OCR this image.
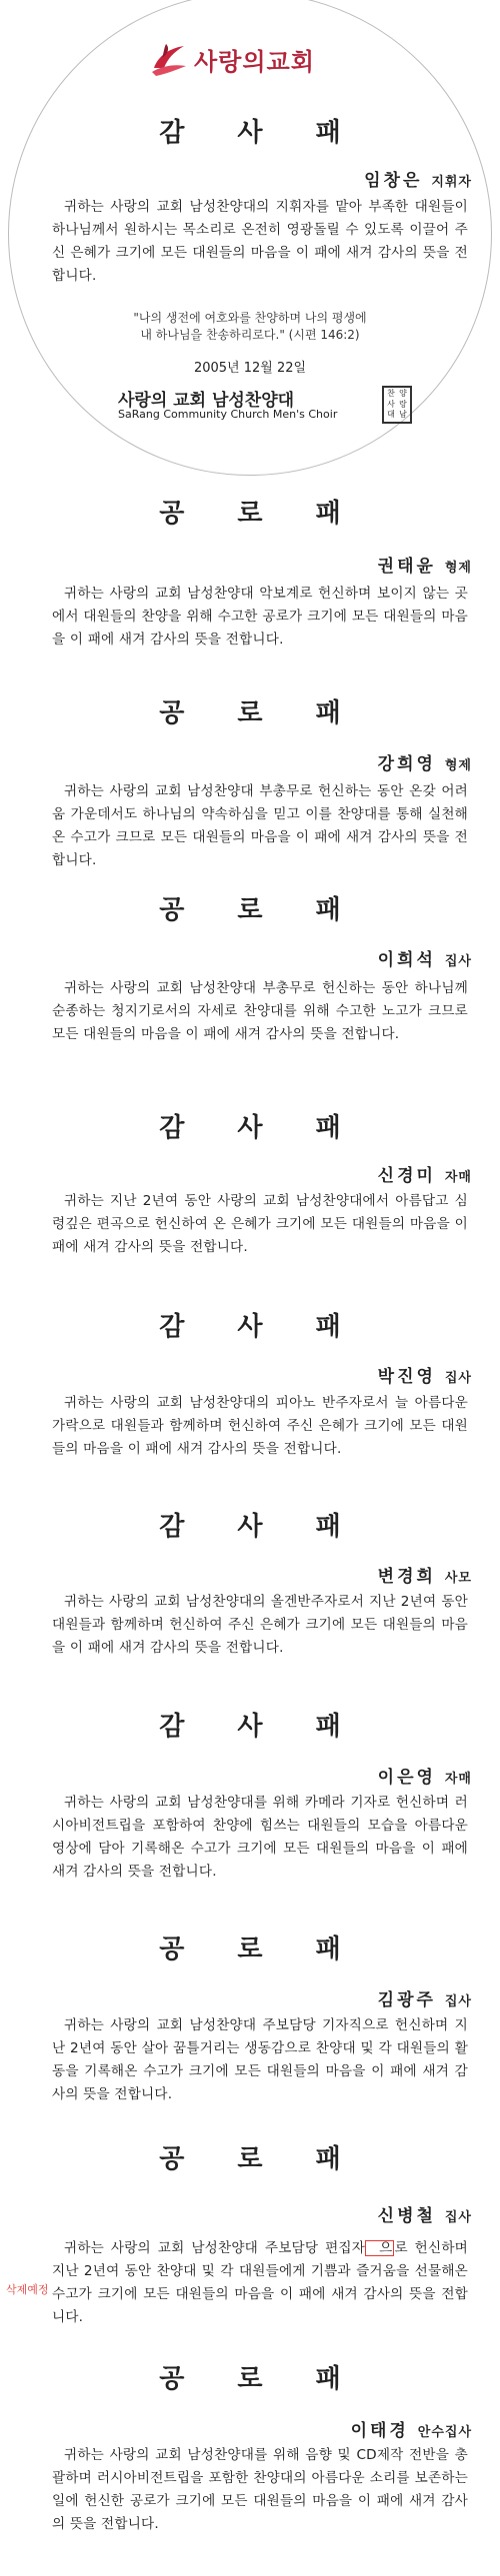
사랑의교회
감 사 패
임창은 지휘자
귀하는 사랑의 교회 남성찬양대의 지휘자를 맡아 부족한 대원들이 하나님께서 원하시는 목소리로 온전히 영광돌릴 수 있도록 이끌어 주신 은혜가 크기에 모든 대원들의 마음을 이 패에 새겨 감사의 뜻을 전합니다.
"나의 생전에 여호와를 찬양하며 나의 평생에
내 하나님을 찬송하리로다." (시편 146:2)
2005년 12월 22일
사랑의 교회 남성찬양대
SaRang Community Church Men's Choir
찬 양
사 랑
대 남
공 로 패
권태윤 형제
귀하는 사랑의 교회 남성찬양대 악보계로 헌신하며 보이지 않는 곳에서 대원들의 찬양을 위해 수고한 공로가 크기에 모든 대원들의 마음을 이 패에 새겨 감사의 뜻을 전합니다.
공 로 패
강희영 형제
귀하는 사랑의 교회 남성찬양대 부총무로 헌신하는 동안 온갖 어려움 가운데서도 하나님의 약속하심을 믿고 이를 찬양대를 통해 실천해온 수고가 크므로 모든 대원들의 마음을 이 패에 새겨 감사의 뜻을 전합니다.
공 로 패
이희석 집사
귀하는 사랑의 교회 남성찬양대 부총무로 헌신하는 동안 하나님께 순종하는 청지기로서의 자세로 찬양대를 위해 수고한 노고가 크므로 모든 대원들의 마음을 이 패에 새겨 감사의 뜻을 전합니다.
감 사 패
신경미 자매
귀하는 지난 2년여 동안 사랑의 교회 남성찬양대에서 아름답고 심령깊은 편곡으로 헌신하여 온 은혜가 크기에 모든 대원들의 마음을 이 패에 새겨 감사의 뜻을 전합니다.
감 사 패
박진영 집사
귀하는 사랑의 교회 남성찬양대의 피아노 반주자로서 늘 아름다운 가락으로 대원들과 함께하며 헌신하여 주신 은혜가 크기에 모든 대원들의 마음을 이 패에 새겨 감사의 뜻을 전합니다.
감 사 패
변경희 사모
귀하는 사랑의 교회 남성찬양대의 올겐반주자로서 지난 2년여 동안 대원들과 함께하며 헌신하여 주신 은혜가 크기에 모든 대원들의 마음을 이 패에 새겨 감사의 뜻을 전합니다.
감 사 패
이은영 자매
귀하는 사랑의 교회 남성찬양대를 위해 카메라 기자로 헌신하며 러시아비전트립을 포함하여 찬양에 힘쓰는 대원들의 모습을 아름다운 영상에 담아 기록해온 수고가 크기에 모든 대원들의 마음을 이 패에 새겨 감사의 뜻을 전합니다.
공 로 패
김광주 집사
귀하는 사랑의 교회 남성찬양대 주보담당 기자직으로 헌신하며 지난 2년여 동안 살아 꿈틀거리는 생동감으로 찬양대 및 각 대원들의 활동을 기록해온 수고가 크기에 모든 대원들의 마음을 이 패에 새겨 감사의 뜻을 전합니다.
공 로 패
신병철 집사
귀하는 사랑의 교회 남성찬양대 주보담당 편집자 으 로 헌신하며 지난 2년여 동안 찬양대 및 각 대원들에게 기쁨과 즐거움을 선물해온 수고가 크기에 모든 대원들의 마음을 이 패에 새겨 감사의 뜻을 전합니다.
삭제예정
공 로 패
이태경 안수집사
귀하는 사랑의 교회 남성찬양대를 위해 음향 및 CD제작 전반을 총괄하며 러시아비전트립을 포함한 찬양대의 아름다운 소리를 보존하는 일에 헌신한 공로가 크기에 모든 대원들의 마음을 이 패에 새겨 감사의 뜻을 전합니다.
